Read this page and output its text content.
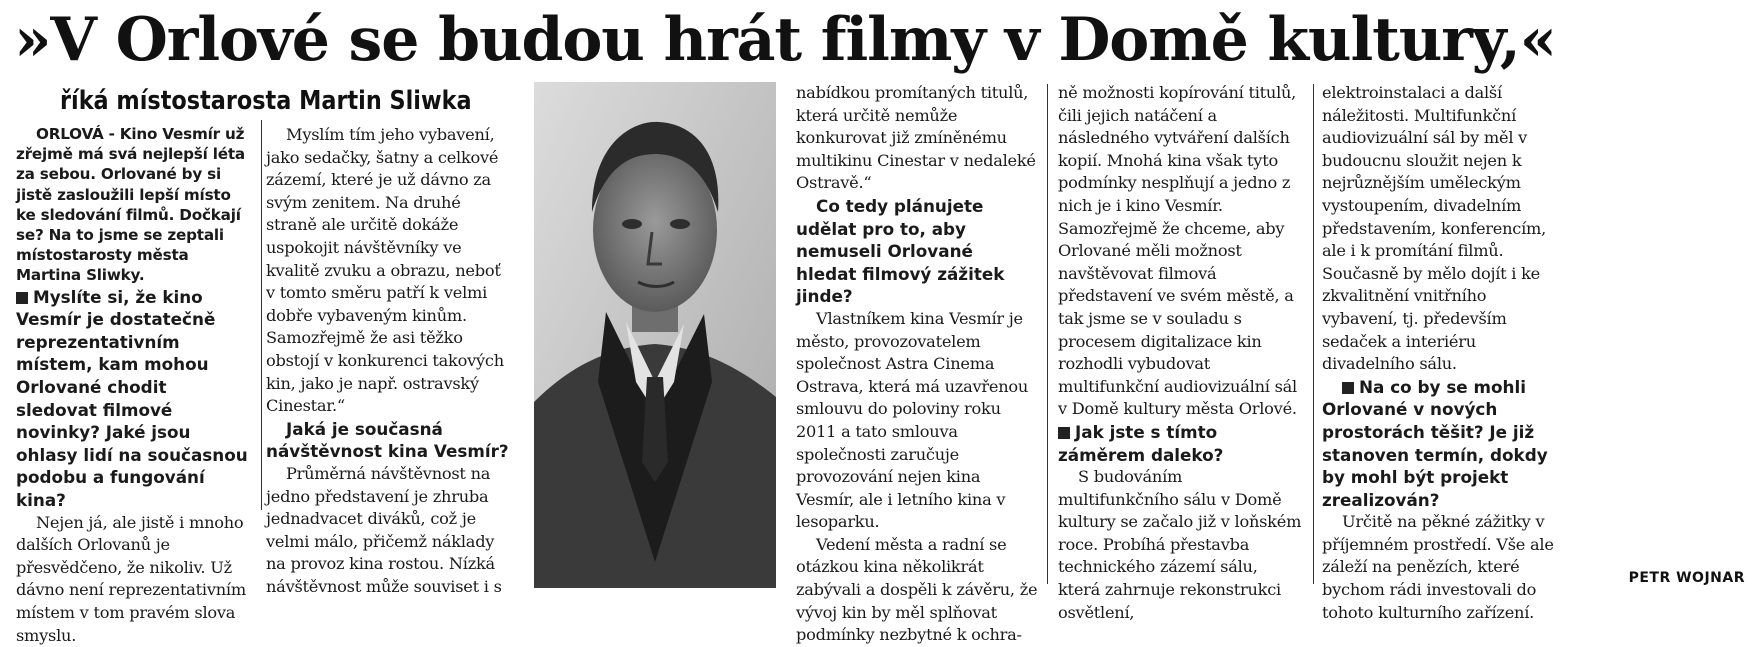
»V Orlové se budou hrát filmy v Domě kultury,«
říká místostarosta Martin Sliwka

ORLOVÁ - Kino Vesmír už zřejmě má svá nejlepší léta za sebou. Orlované by si jistě zasloužili lepší místo ke sledování filmů. Dočkají se? Na to jsme se zeptali místostarosty města Martina Sliwky.

Myslíte si, že kino Vesmír je dostatečně reprezentativním místem, kam mohou Orlované chodit sledovat filmové novinky? Jaké jsou ohlasy lidí na současnou podobu a fungování kina?

Nejen já, ale jistě i mnoho dalších Orlovanů je přesvědčeno, že nikoliv. Už dávno není reprezentativním místem v tom pravém slova smyslu.

Myslím tím jeho vybavení, jako sedačky, šatny a celkové zázemí, které je už dávno za svým zenitem. Na druhé straně ale určitě dokáže uspokojit návštěvníky ve kvalitě zvuku a obrazu, neboť v tomto směru patří k velmi dobře vybaveným kinům. Samozřejmě že asi těžko obstojí v konkurenci takových kin, jako je např. ostravský Cinestar.“

Jaká je současná návštěvnost kina Vesmír?

Průměrná návštěvnost na jedno představení je zhruba jednadvacet diváků, což je velmi málo, přičemž náklady na provoz kina rostou. Nízká návštěvnost může souviset i s

nabídkou promítaných titulů, která určitě nemůže konkurovat již zmíněnému multikinu Cinestar v nedaleké Ostravě.“

Co tedy plánujete udělat pro to, aby nemuseli Orlované hledat filmový zážitek jinde?

Vlastníkem kina Vesmír je město, provozovatelem společnost Astra Cinema Ostrava, která má uzavřenou smlouvu do poloviny roku 2011 a tato smlouva společnosti zaručuje provozování nejen kina Vesmír, ale i letního kina v lesoparku.

Vedení města a radní se otázkou kina několikrát zabývali a dospěli k závěru, že vývoj kin by měl splňovat podmínky nezbytné k ochra-

ně možnosti kopírování titulů, čili jejich natáčení a následného vytváření dalších kopií. Mnohá kina však tyto podmínky nesplňují a jedno z nich je i kino Vesmír. Samozřejmě že chceme, aby Orlované měli možnost navštěvovat filmová představení ve svém městě, a tak jsme se v souladu s procesem digitalizace kin rozhodli vybudovat multifunkční audiovizuální sál v Domě kultury města Orlové.

Jak jste s tímto záměrem daleko?

S budováním multifunkčního sálu v Domě kultury se začalo již v loňském roce. Probíhá přestavba technického zázemí sálu, která zahrnuje rekonstrukci osvětlení,

elektroinstalaci a další náležitosti. Multifunkční audiovizuální sál by měl v budoucnu sloužit nejen k nejrůznějším uměleckým vystoupením, divadelním představením, konferencím, ale i k promítání filmů. Současně by mělo dojít i ke zkvalitnění vnitřního vybavení, tj. především sedaček a interiéru divadelního sálu.

Na co by se mohli Orlované v nových prostorách těšit? Je již stanoven termín, dokdy by mohl být projekt zrealizován?

Určitě na pěkné zážitky v příjemném prostředí. Vše ale záleží na penězích, které bychom rádi investovali do tohoto kulturního zařízení.

PETR WOJNAR
